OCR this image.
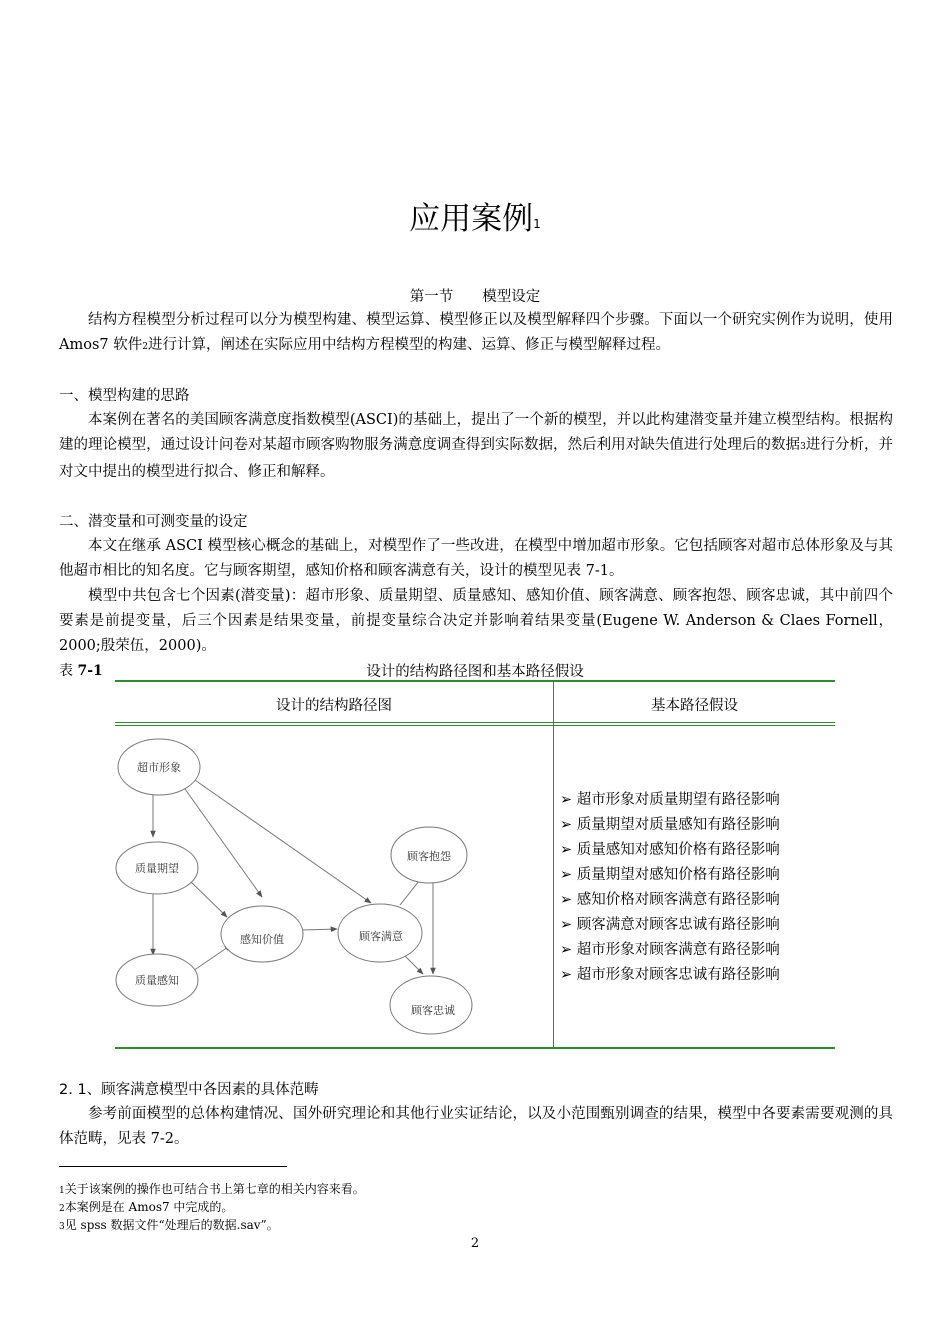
应用案例$^1$
第一节　　模型设定
结构方程模型分析过程可以分为模型构建、模型运算、模型修正以及模型解释四个步骤。下面以一个研究实例作为说明，使用 Amos7 软件2进行计算，阐述在实际应用中结构方程模型的构建、运算、修正与模型解释过程。
一、模型构建的思路
本案例在著名的美国顾客满意度指数模型(ASCI)的基础上，提出了一个新的模型，并以此构建潜变量并建立模型结构。根据构建的理论模型，通过设计问卷对某超市顾客购物服务满意度调查得到实际数据，然后利用对缺失值进行处理后的数据3进行分析，并对文中提出的模型进行拟合、修正和解释。
二、潜变量和可测变量的设定
本文在继承 ASCI 模型核心概念的基础上，对模型作了一些改进，在模型中增加超市形象。它包括顾客对超市总体形象及与其他超市相比的知名度。它与顾客期望，感知价格和顾客满意有关，设计的模型见表 7-1。
模型中共包含七个因素(潜变量)：超市形象、质量期望、质量感知、感知价值、顾客满意、顾客抱怨、顾客忠诚，其中前四个要素是前提变量，后三个因素是结果变量，前提变量综合决定并影响着结果变量(Eugene W. Anderson & Claes Fornell，2000;殷荣伍，2000)。
表 7-1	设计的结构路径图和基本路径假设
设计的结构路径图	基本路径假设
超市形象
质量期望
质量感知
感知价值	顾客满意
顾客抱怨
顾客忠诚
➢ 超市形象对质量期望有路径影响
➢ 质量期望对质量感知有路径影响
➢ 质量感知对感知价格有路径影响
➢ 质量期望对感知价格有路径影响
➢ 感知价格对顾客满意有路径影响
➢ 顾客满意对顾客忠诚有路径影响
➢ 超市形象对顾客满意有路径影响
➢ 超市形象对顾客忠诚有路径影响
2. 1、顾客满意模型中各因素的具体范畴
参考前面模型的总体构建情况、国外研究理论和其他行业实证结论，以及小范围甄别调查的结果，模型中各要素需要观测的具体范畴，见表 7-2。
1关于该案例的操作也可结合书上第七章的相关内容来看。
2本案例是在 Amos7 中完成的。
3见 spss 数据文件“处理后的数据.sav”。
2
